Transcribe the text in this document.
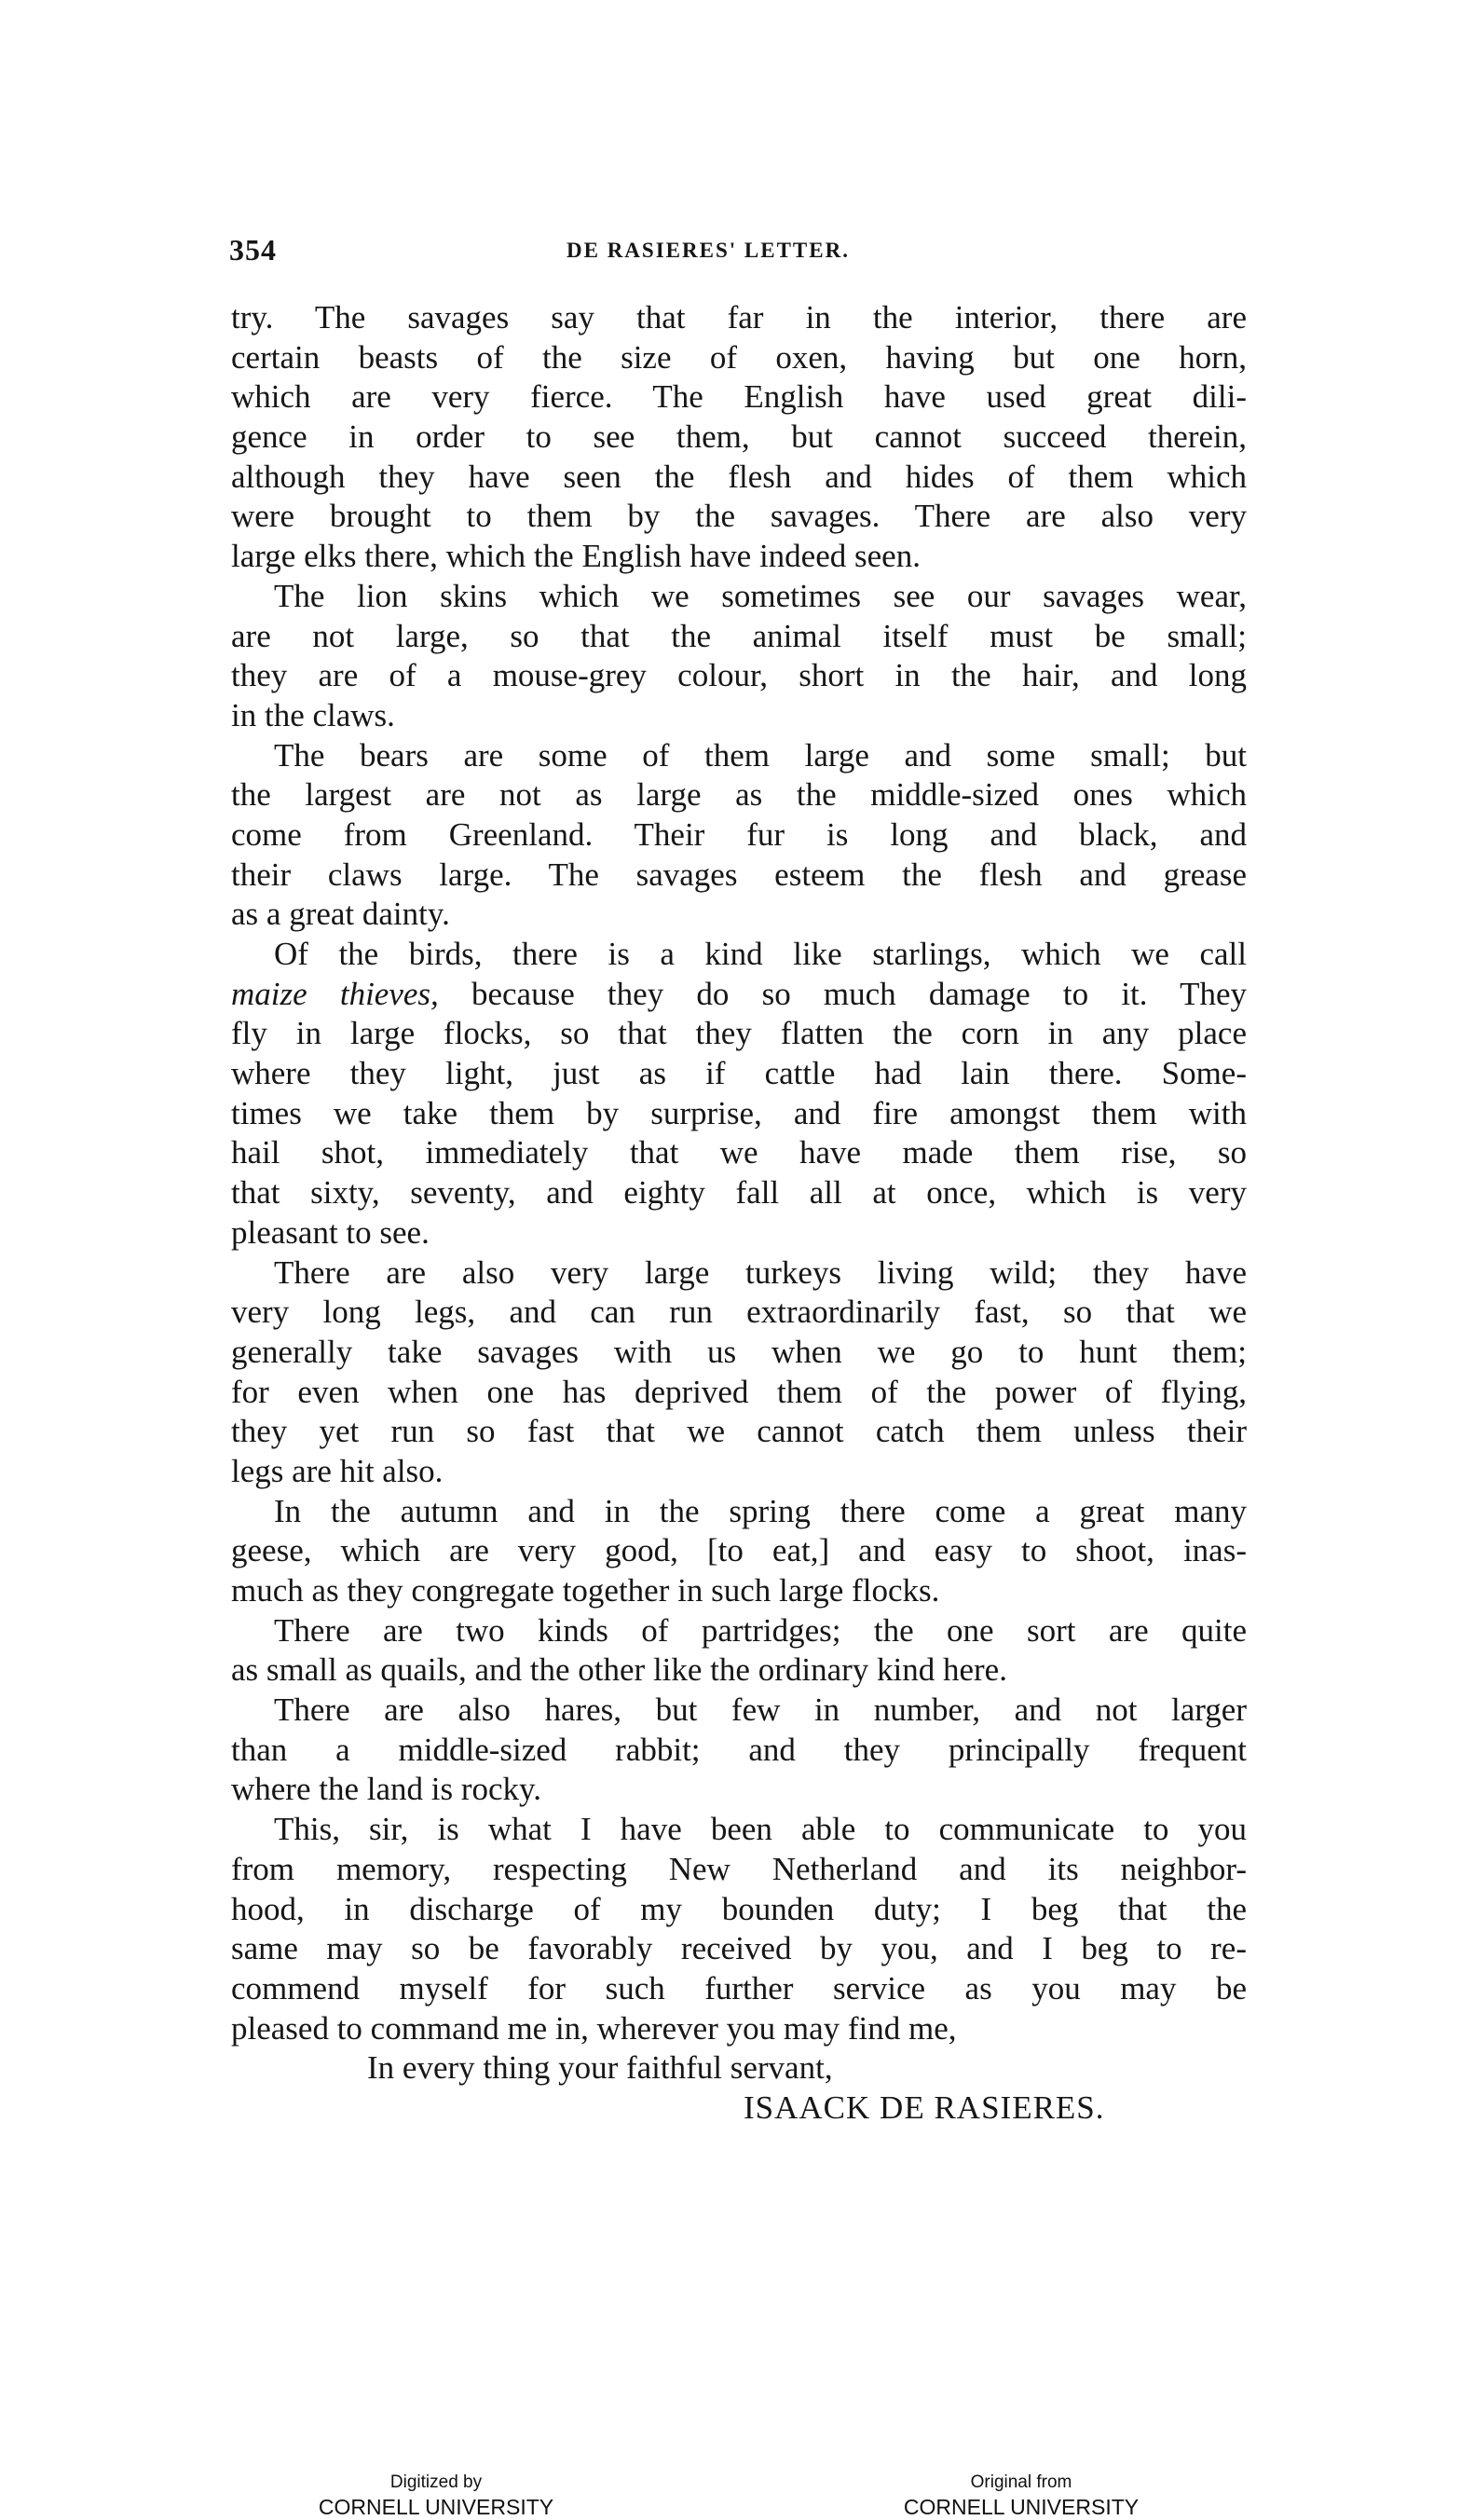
354	DE RASIERES' LETTER.
try. The savages say that far in the interior, there are
certain beasts of the size of oxen, having but one horn,
which are very fierce. The English have used great dili-
gence in order to see them, but cannot succeed therein,
although they have seen the flesh and hides of them which
were brought to them by the savages. There are also very
large elks there, which the English have indeed seen.
The lion skins which we sometimes see our savages wear,
are not large, so that the animal itself must be small;
they are of a mouse-grey colour, short in the hair, and long
in the claws.
The bears are some of them large and some small; but
the largest are not as large as the middle-sized ones which
come from Greenland. Their fur is long and black, and
their claws large. The savages esteem the flesh and grease
as a great dainty.
Of the birds, there is a kind like starlings, which we call
maize thieves, because they do so much damage to it. They
fly in large flocks, so that they flatten the corn in any place
where they light, just as if cattle had lain there. Some-
times we take them by surprise, and fire amongst them with
hail shot, immediately that we have made them rise, so
that sixty, seventy, and eighty fall all at once, which is very
pleasant to see.
There are also very large turkeys living wild; they have
very long legs, and can run extraordinarily fast, so that we
generally take savages with us when we go to hunt them;
for even when one has deprived them of the power of flying,
they yet run so fast that we cannot catch them unless their
legs are hit also.
In the autumn and in the spring there come a great many
geese, which are very good, [to eat,] and easy to shoot, inas-
much as they congregate together in such large flocks.
There are two kinds of partridges; the one sort are quite
as small as quails, and the other like the ordinary kind here.
There are also hares, but few in number, and not larger
than a middle-sized rabbit; and they principally frequent
where the land is rocky.
This, sir, is what I have been able to communicate to you
from memory, respecting New Netherland and its neighbor-
hood, in discharge of my bounden duty; I beg that the
same may so be favorably received by you, and I beg to re-
commend myself for such further service as you may be
pleased to command me in, wherever you may find me,
In every thing your faithful servant,
ISAACK DE RASIERES.
Digitized by
CORNELL UNIVERSITY
Original from
CORNELL UNIVERSITY
